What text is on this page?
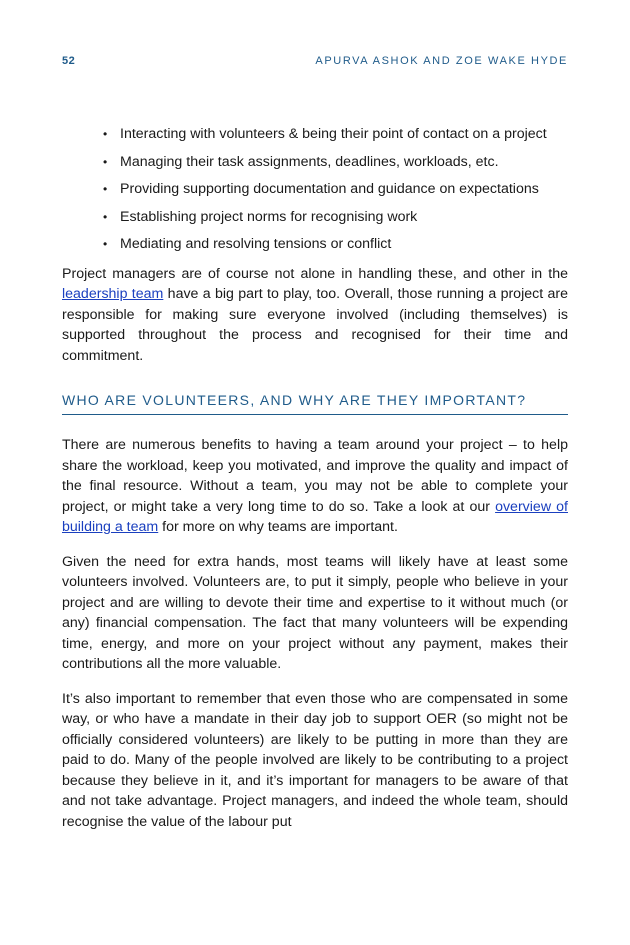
52	APURVA ASHOK AND ZOE WAKE HYDE
• Interacting with volunteers & being their point of contact on a project
• Managing their task assignments, deadlines, workloads, etc.
• Providing supporting documentation and guidance on expectations
• Establishing project norms for recognising work
• Mediating and resolving tensions or conflict

Project managers are of course not alone in handling these, and other in the leadership team have a big part to play, too. Overall, those running a project are responsible for making sure everyone involved (including themselves) is supported throughout the process and recognised for their time and commitment.

WHO ARE VOLUNTEERS, AND WHY ARE THEY IMPORTANT?

There are numerous benefits to having a team around your project – to help share the workload, keep you motivated, and improve the quality and impact of the final resource. Without a team, you may not be able to complete your project, or might take a very long time to do so. Take a look at our overview of building a team for more on why teams are important.

Given the need for extra hands, most teams will likely have at least some volunteers involved. Volunteers are, to put it simply, people who believe in your project and are willing to devote their time and expertise to it without much (or any) financial compensation. The fact that many volunteers will be expending time, energy, and more on your project without any payment, makes their contributions all the more valuable.

It’s also important to remember that even those who are compensated in some way, or who have a mandate in their day job to support OER (so might not be officially considered volunteers) are likely to be putting in more than they are paid to do. Many of the people involved are likely to be contributing to a project because they believe in it, and it’s important for managers to be aware of that and not take advantage. Project managers, and indeed the whole team, should recognise the value of the labour put
